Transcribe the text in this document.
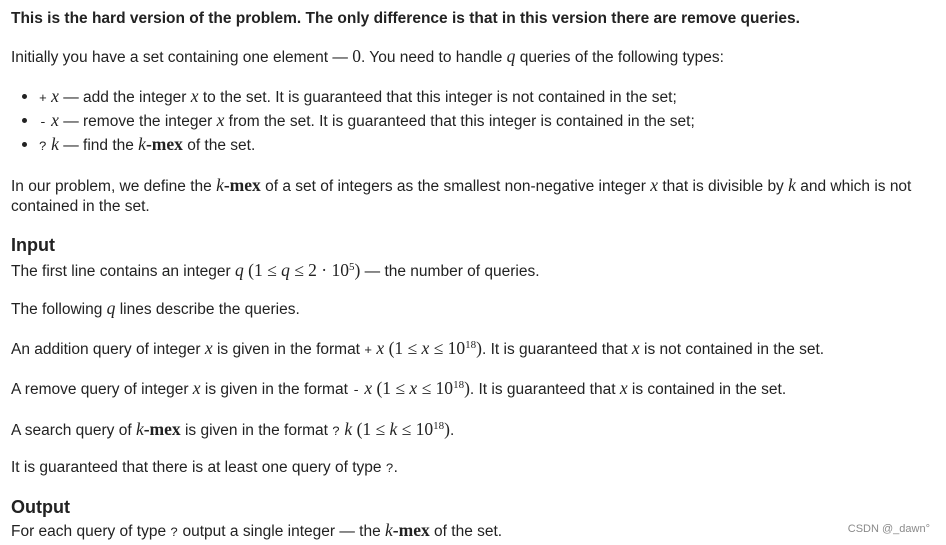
This is the hard version of the problem. The only difference is that in this version there are remove queries.
Initially you have a set containing one element — 0. You need to handle q queries of the following types:
+ x — add the integer x to the set. It is guaranteed that this integer is not contained in the set;
- x — remove the integer x from the set. It is guaranteed that this integer is contained in the set;
? k — find the k-mex of the set.
In our problem, we define the k-mex of a set of integers as the smallest non-negative integer x that is divisible by k and which is not
contained in the set.
Input
The first line contains an integer q $(1 \le q \le 2 \cdot 10^5)$ — the number of queries.
The following q lines describe the queries.
An addition query of integer x is given in the format + x $(1 \le x \le 10^{18})$. It is guaranteed that x is not contained in the set.
A remove query of integer x is given in the format - x $(1 \le x \le 10^{18})$. It is guaranteed that x is contained in the set.
A search query of k-mex is given in the format ? k $(1 \le k \le 10^{18})$.
It is guaranteed that there is at least one query of type ?.
Output
For each query of type ? output a single integer — the k-mex of the set.	CSDN @_dawn°
